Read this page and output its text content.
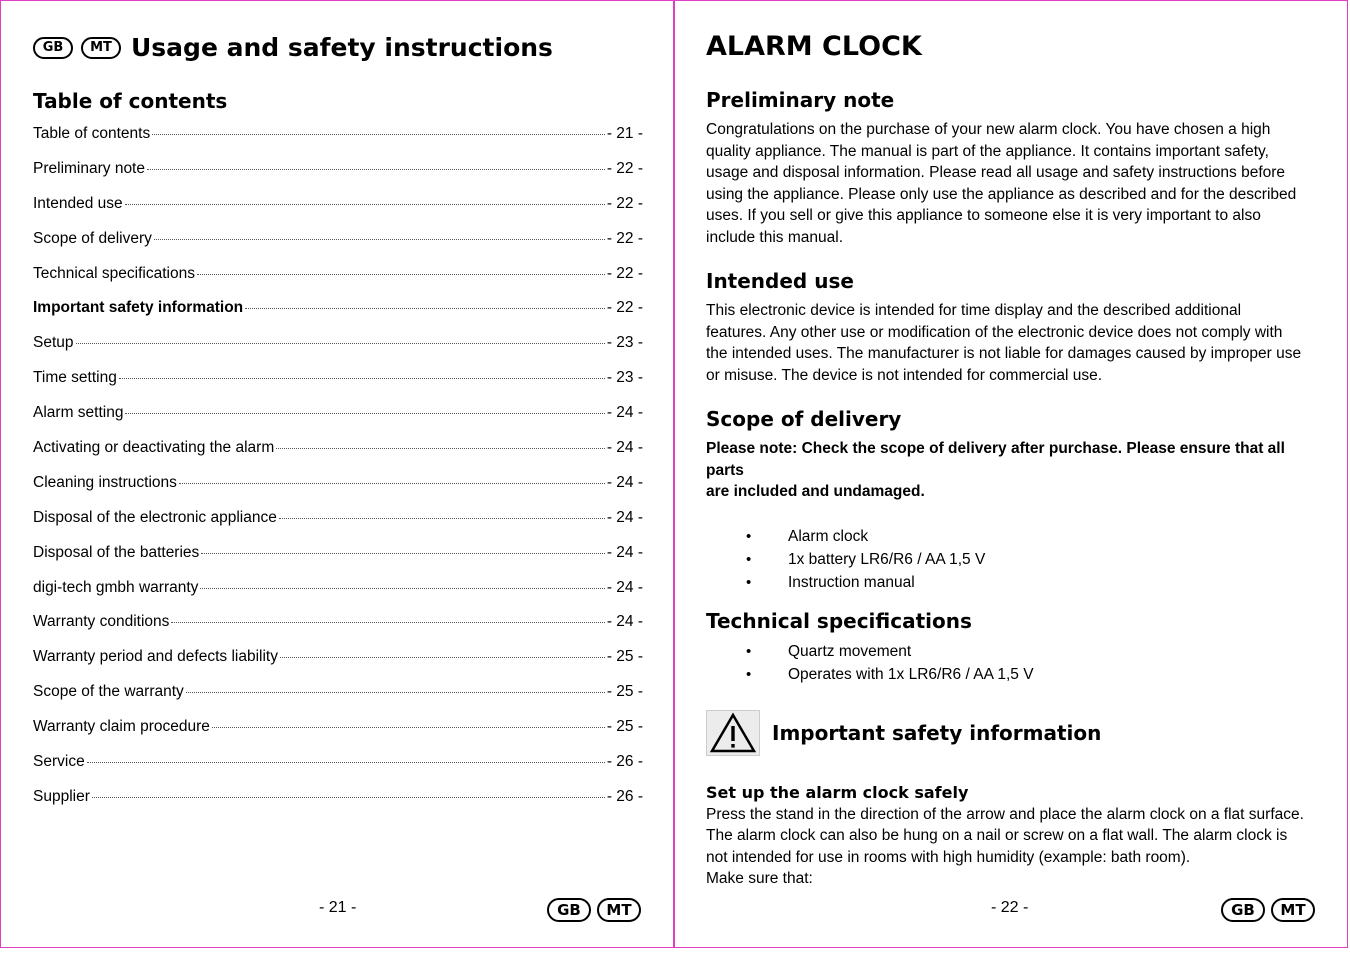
GB	MT Usage and safety instructions
Table of contents
Table of contents	- 21 -
Preliminary note	- 22 -
Intended use	- 22 -
Scope of delivery	- 22 -
Technical specifications	- 22 -
Important safety information	- 22 -
Setup	- 23 -
Time setting	- 23 -
Alarm setting	- 24 -
Activating or deactivating the alarm	- 24 -
Cleaning instructions	- 24 -
Disposal of the electronic appliance	- 24 -
Disposal of the batteries	- 24 -
digi-tech gmbh warranty	- 24 -
Warranty conditions	- 24 -
Warranty period and defects liability	- 25 -
Scope of the warranty	- 25 -
Warranty claim procedure	- 25 -
Service	- 26 -
Supplier	- 26 -
- 21 -	GB	MT
ALARM CLOCK
Preliminary note
Congratulations on the purchase of your new alarm clock. You have chosen a high
quality appliance. The manual is part of the appliance. It contains important safety,
usage and disposal information. Please read all usage and safety instructions before
using the appliance. Please only use the appliance as described and for the described
uses. If you sell or give this appliance to someone else it is very important to also
include this manual.
Intended use
This electronic device is intended for time display and the described additional
features. Any other use or modification of the electronic device does not comply with
the intended uses. The manufacturer is not liable for damages caused by improper use
or misuse. The device is not intended for commercial use.
Scope of delivery
Please note: Check the scope of delivery after purchase. Please ensure that all parts
are included and undamaged.
• Alarm clock
• 1x battery LR6/R6 / AA 1,5 V
• Instruction manual
Technical specifications
• Quartz movement
• Operates with 1x LR6/R6 / AA 1,5 V
Important safety information
Set up the alarm clock safely
Press the stand in the direction of the arrow and place the alarm clock on a flat surface.
The alarm clock can also be hung on a nail or screw on a flat wall. The alarm clock is
not intended for use in rooms with high humidity (example: bath room).
Make sure that:
- 22 -	GB	MT
